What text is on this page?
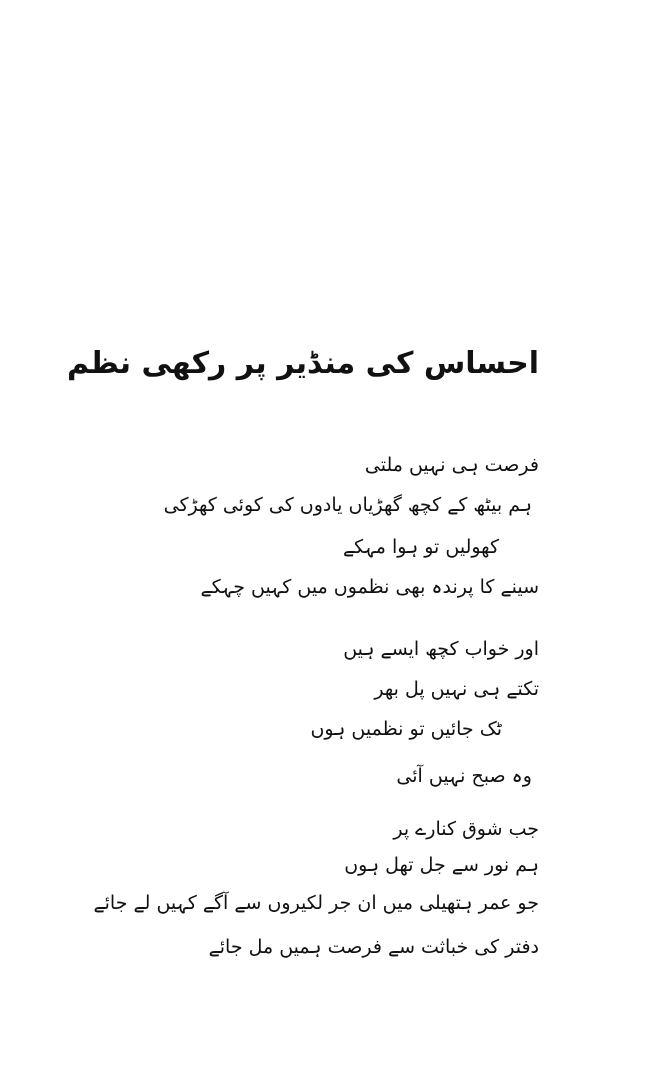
احساس کی منڈیر پر رکھی نظم
فرصت ہی نہیں ملتی
ہم بیٹھ کے کچھ گھڑیاں یادوں کی کوئی کھڑکی
کھولیں تو ہوا مہکے
سینے کا پرندہ بھی نظموں میں کہیں چہکے
اور خواب کچھ ایسے ہیں
تکتے ہی نہیں پل بھر
ٹک جائیں تو نظمیں ہوں
وہ صبح نہیں آئی
جب شوق کنارے پر
ہم نور سے جل تھل ہوں
جو عمر ہتھیلی میں ان جر لکیروں سے آگے کہیں لے جائے
دفتر کی خباثت سے فرصت ہمیں مل جائے
